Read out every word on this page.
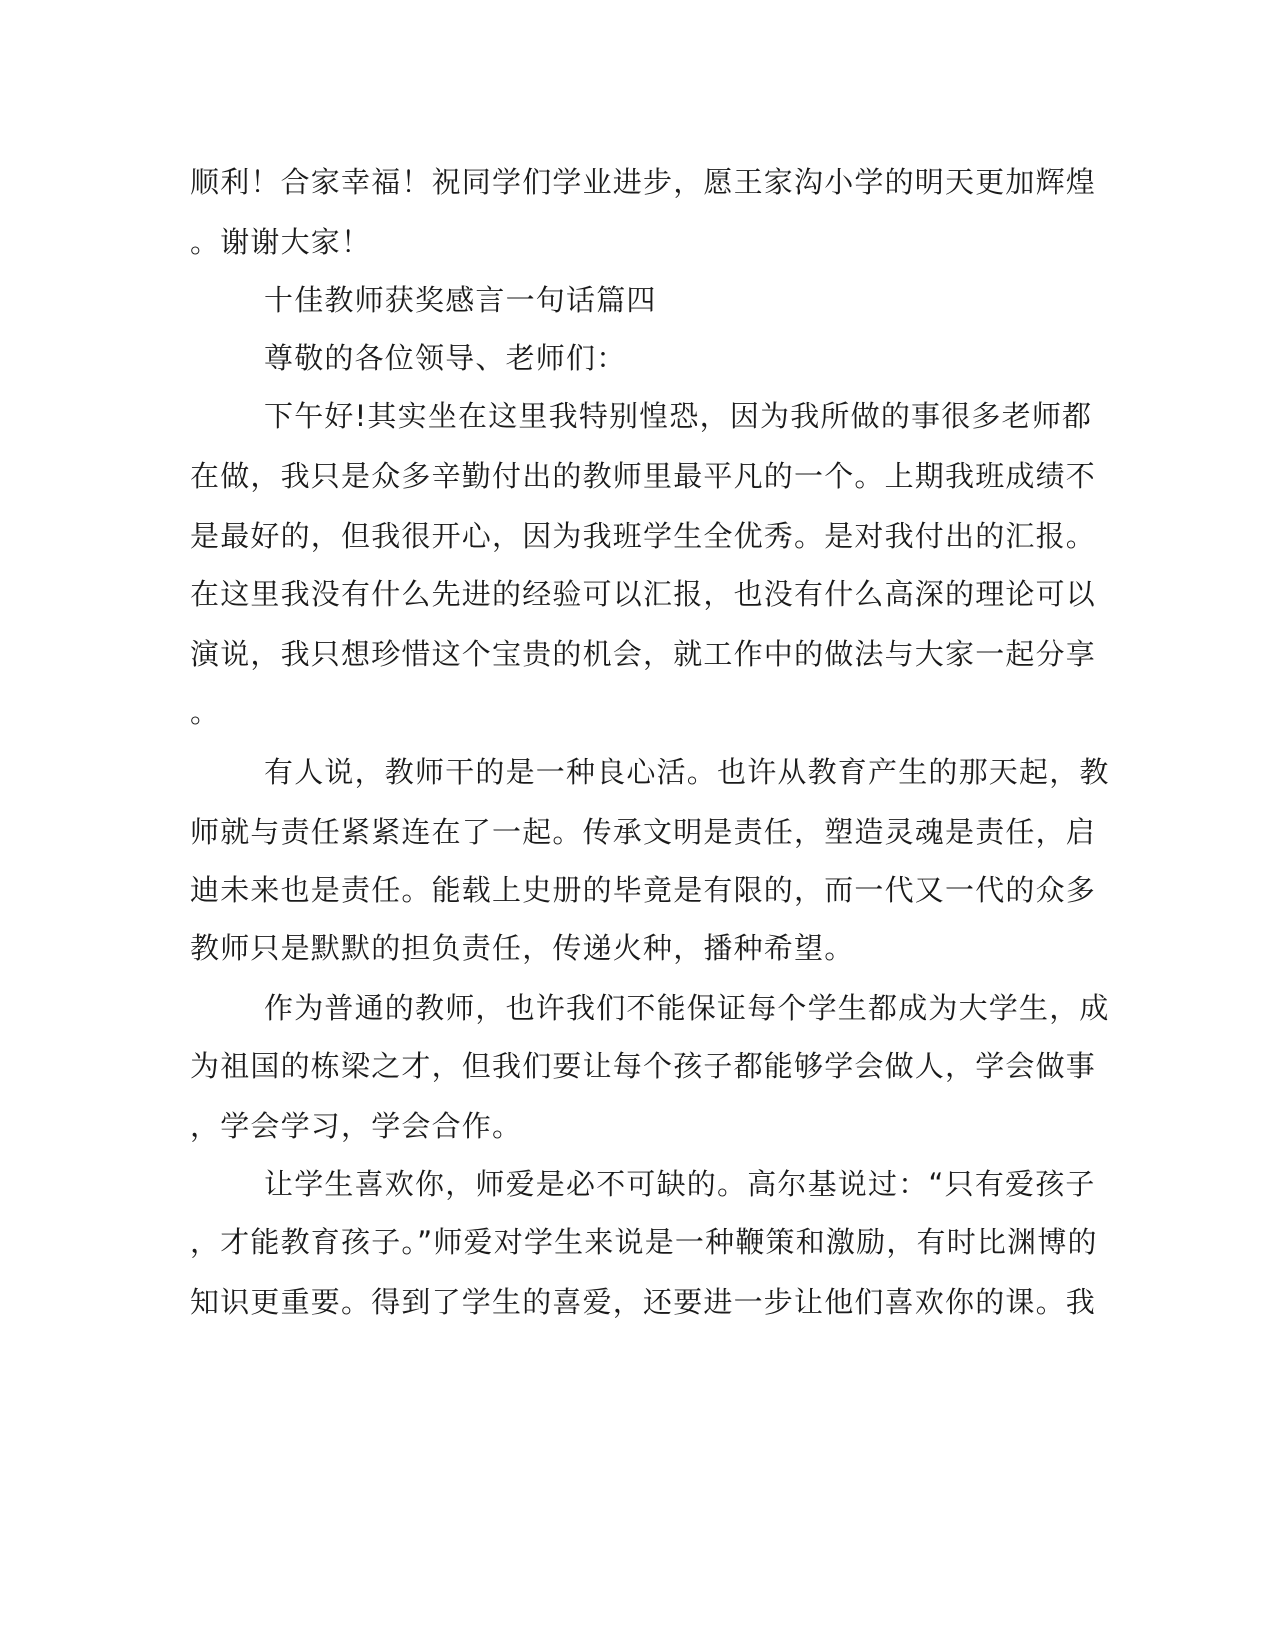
顺利！合家幸福！祝同学们学业进步，愿王家沟小学的明天更加辉煌
。谢谢大家！
十佳教师获奖感言一句话篇四
尊敬的各位领导、老师们：
下午好!其实坐在这里我特别惶恐，因为我所做的事很多老师都
在做，我只是众多辛勤付出的教师里最平凡的一个。上期我班成绩不
是最好的，但我很开心，因为我班学生全优秀。是对我付出的汇报。
在这里我没有什么先进的经验可以汇报，也没有什么高深的理论可以
演说，我只想珍惜这个宝贵的机会，就工作中的做法与大家一起分享
。
有人说，教师干的是一种良心活。也许从教育产生的那天起，教
师就与责任紧紧连在了一起。传承文明是责任，塑造灵魂是责任，启
迪未来也是责任。能载上史册的毕竟是有限的，而一代又一代的众多
教师只是默默的担负责任，传递火种，播种希望。
作为普通的教师，也许我们不能保证每个学生都成为大学生，成
为祖国的栋梁之才，但我们要让每个孩子都能够学会做人，学会做事
，学会学习，学会合作。
让学生喜欢你，师爱是必不可缺的。高尔基说过：“只有爱孩子
，才能教育孩子。”师爱对学生来说是一种鞭策和激励，有时比渊博的
知识更重要。得到了学生的喜爱，还要进一步让他们喜欢你的课。我
